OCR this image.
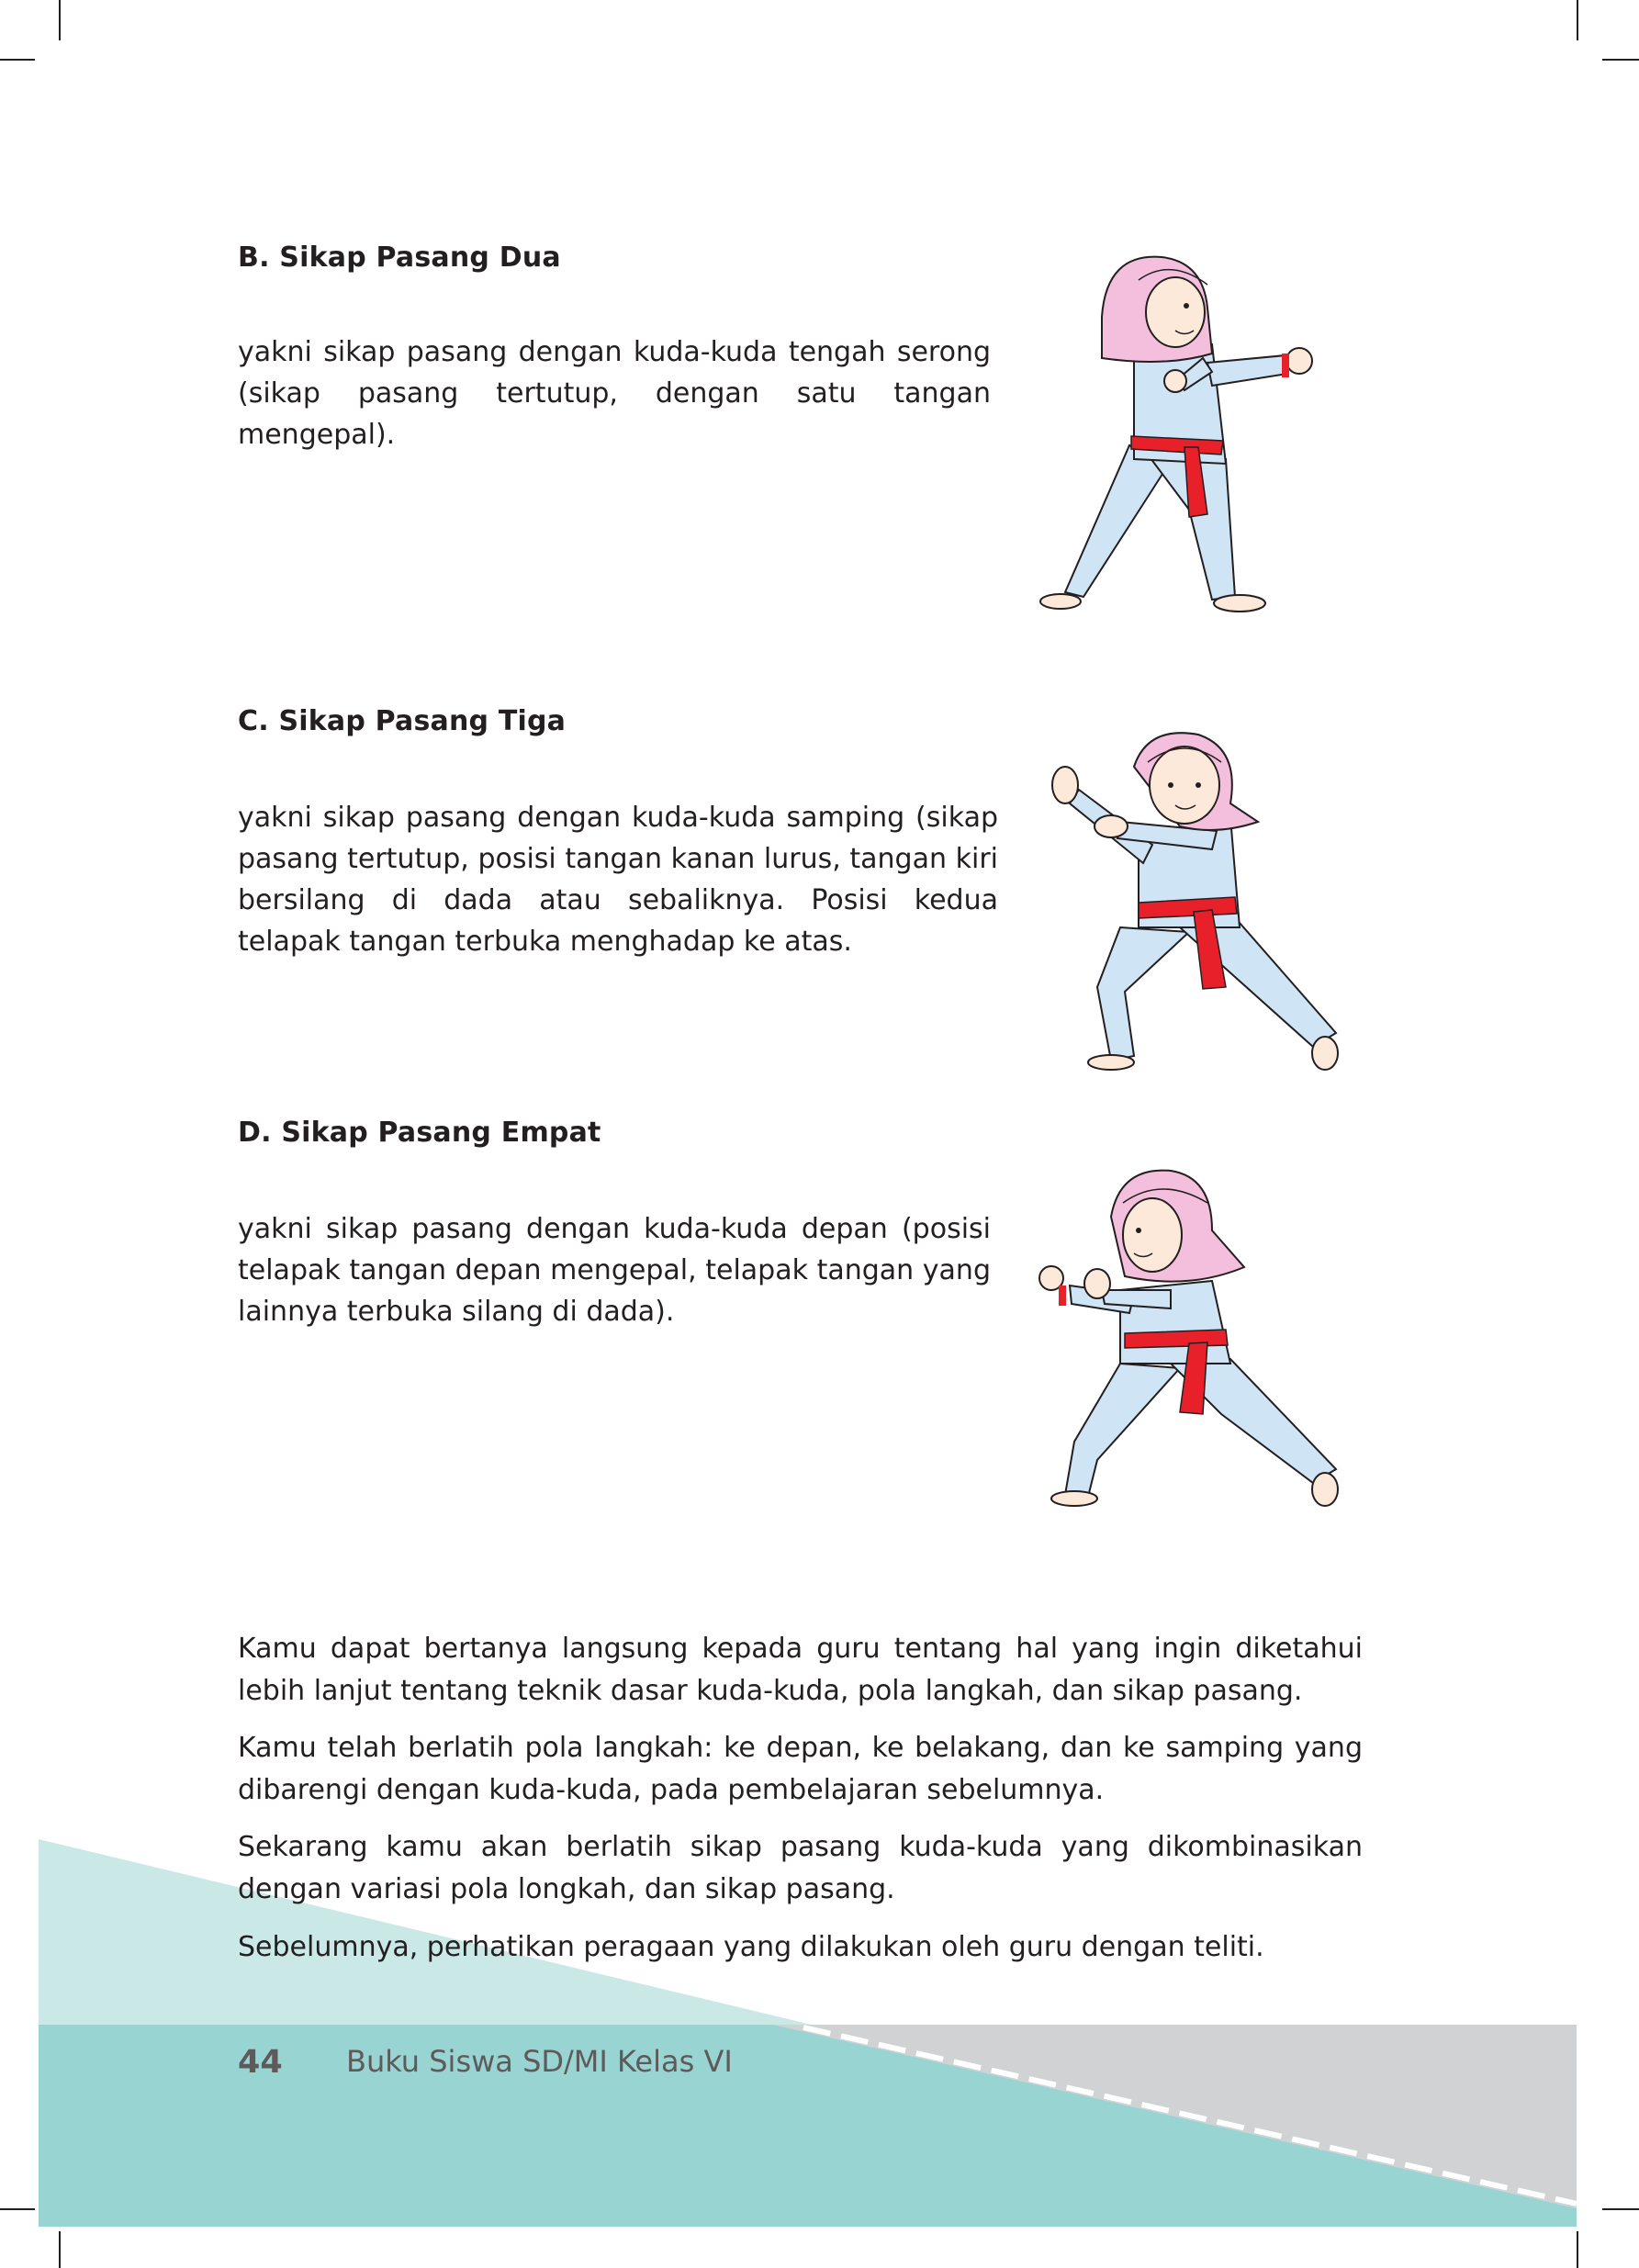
B. Sikap Pasang Dua

yakni sikap pasang dengan kuda-kuda tengah serong (sikap pasang tertutup, dengan satu tangan mengepal).

C. Sikap Pasang Tiga

yakni sikap pasang dengan kuda-kuda samping (sikap pasang tertutup, posisi tangan kanan lurus, tangan kiri bersilang di dada atau sebaliknya. Posisi kedua telapak tangan terbuka menghadap ke atas.

D. Sikap Pasang Empat

yakni sikap pasang dengan kuda-kuda depan (posisi telapak tangan depan mengepal, telapak tangan yang lainnya terbuka silang di dada).

Kamu dapat bertanya langsung kepada guru tentang hal yang ingin diketahui lebih lanjut tentang teknik dasar kuda-kuda, pola langkah, dan sikap pasang.

Kamu telah berlatih pola langkah: ke depan, ke belakang, dan ke samping yang dibarengi dengan kuda-kuda, pada pembelajaran sebelumnya.

Sekarang kamu akan berlatih sikap pasang kuda-kuda yang dikombinasikan dengan variasi pola longkah, dan sikap pasang.

Sebelumnya, perhatikan peragaan yang dilakukan oleh guru dengan teliti.

44 Buku Siswa SD/MI Kelas VI
